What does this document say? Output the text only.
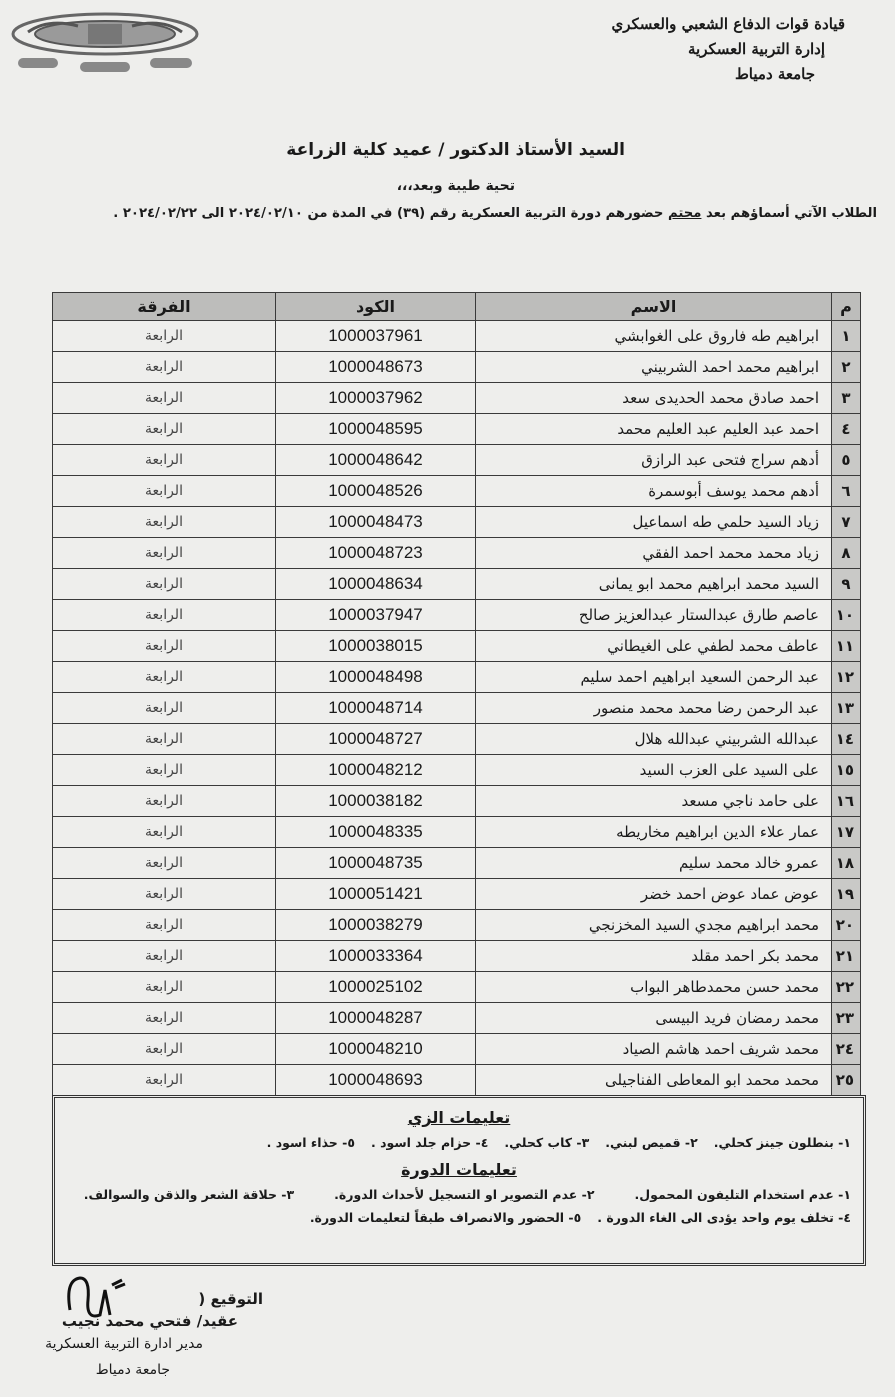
قيادة قوات الدفاع الشعبي والعسكري
إدارة التربية العسكرية
جامعة دمياط
السيد الأستاذ الدكتور / عميد كلية الزراعة
تحية طيبة وبعد،،،
الطلاب الآتي أسماؤهم بعد محتم حضورهم دورة التربية العسكرية رقم (٣٩) في المدة من ٢٠٢٤/٠٢/١٠ الى ٢٠٢٤/٠٢/٢٢ .
م	الاسم	الكود	الفرقة
١	ابراهيم طه فاروق على الغوابشي	1000037961	الرابعة
٢	ابراهيم محمد احمد الشربيني	1000048673	الرابعة
٣	احمد صادق محمد الحديدى سعد	1000037962	الرابعة
٤	احمد عبد العليم عبد العليم محمد	1000048595	الرابعة
٥	أدهم سراج فتحى عبد الرازق	1000048642	الرابعة
٦	أدهم محمد يوسف أبوسمرة	1000048526	الرابعة
٧	زياد السيد حلمي طه اسماعيل	1000048473	الرابعة
٨	زياد محمد محمد احمد الفقي	1000048723	الرابعة
٩	السيد محمد ابراهيم محمد ابو يمانى	1000048634	الرابعة
١٠	عاصم طارق عبدالستار عبدالعزيز صالح	1000037947	الرابعة
١١	عاطف محمد لطفي على الغيطاني	1000038015	الرابعة
١٢	عبد الرحمن السعيد ابراهيم احمد سليم	1000048498	الرابعة
١٣	عبد الرحمن رضا محمد محمد منصور	1000048714	الرابعة
١٤	عبدالله الشربيني عبدالله هلال	1000048727	الرابعة
١٥	على السيد على العزب السيد	1000048212	الرابعة
١٦	على حامد ناجي مسعد	1000038182	الرابعة
١٧	عمار علاء الدين ابراهيم مخاريطه	1000048335	الرابعة
١٨	عمرو خالد محمد سليم	1000048735	الرابعة
١٩	عوض عماد عوض احمد خضر	1000051421	الرابعة
٢٠	محمد ابراهيم مجدي السيد المخزنجي	1000038279	الرابعة
٢١	محمد بكر احمد مقلد	1000033364	الرابعة
٢٢	محمد حسن محمدطاهر البواب	1000025102	الرابعة
٢٣	محمد رمضان فريد البيسى	1000048287	الرابعة
٢٤	محمد شريف احمد هاشم الصياد	1000048210	الرابعة
٢٥	محمد محمد ابو المعاطى الفناجيلى	1000048693	الرابعة
تعليمات الزي
١- بنطلون جينز كحلي.
٢- قميص لبني.
٣- كاب كحلي.
٤- حزام جلد اسود .
٥- حذاء اسود .
تعليمات الدورة
١- عدم استخدام التليفون المحمول.
٢- عدم التصوير او التسجيل لأحداث الدورة.
٣- حلاقة الشعر والذقن والسوالف.
٤- تخلف يوم واحد يؤدى الى الغاء الدورة .
٥- الحضور والانصراف طبقاً لتعليمات الدورة.
التوقيع (
عقيد/ فتحي محمد نجيب
مدير ادارة التربية العسكرية
جامعة دمياط
